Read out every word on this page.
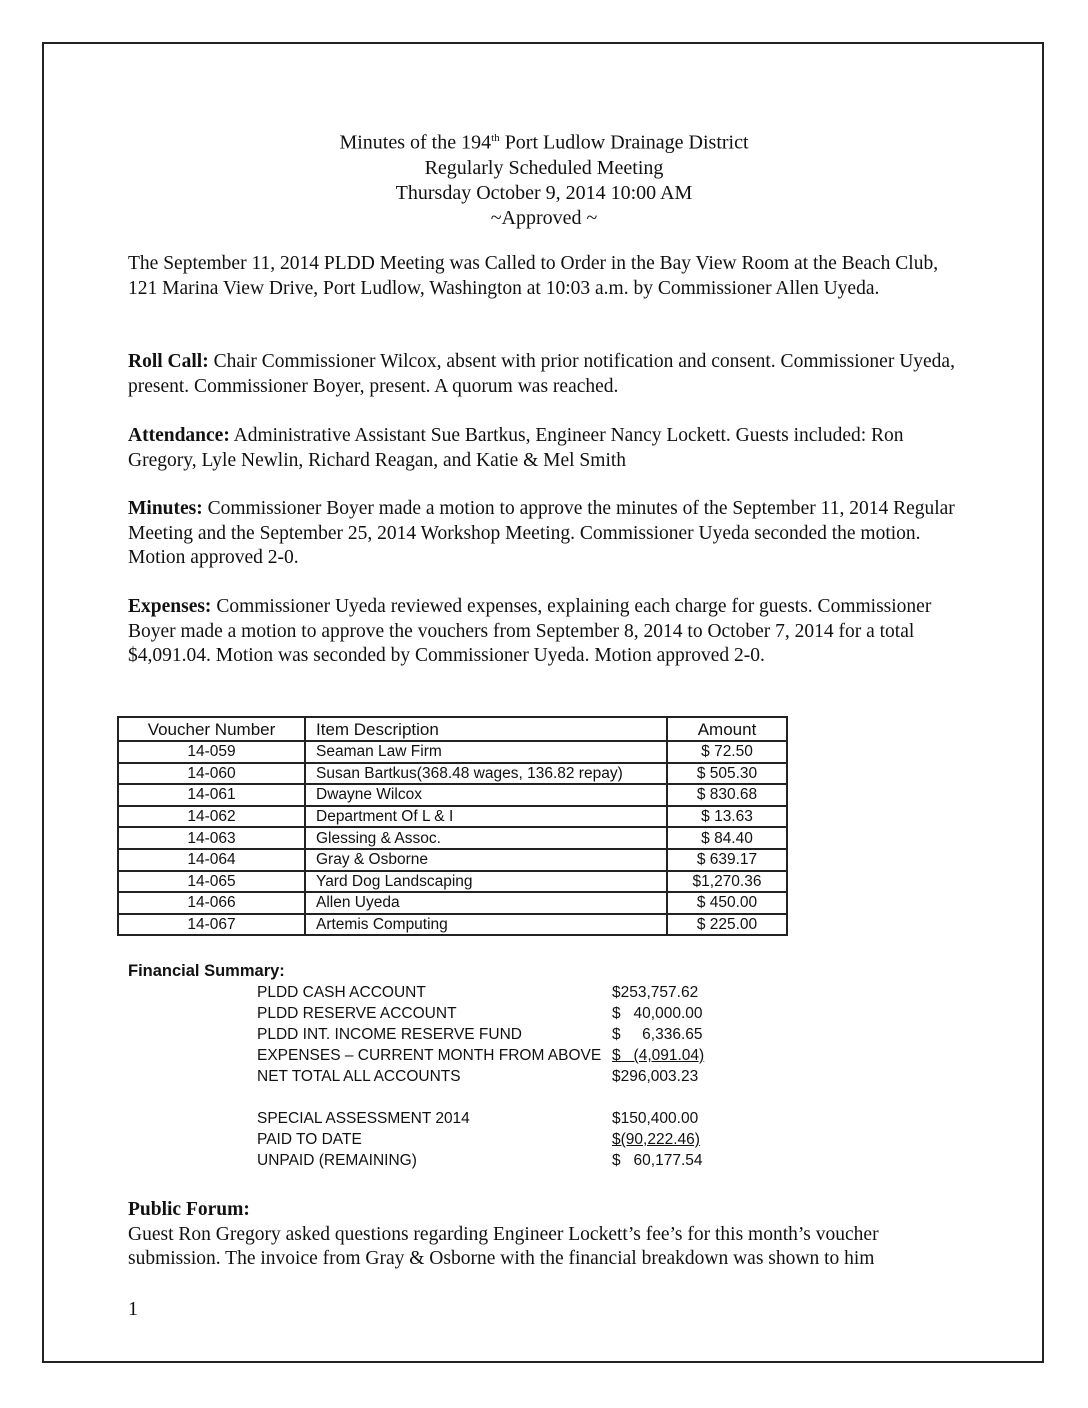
Minutes of the 194th Port Ludlow Drainage District
Regularly Scheduled Meeting
Thursday October 9, 2014 10:00 AM
~Approved ~
The September 11, 2014 PLDD Meeting was Called to Order in the Bay View Room at the Beach Club, 121 Marina View Drive, Port Ludlow, Washington at 10:03 a.m. by Commissioner Allen Uyeda.
Roll Call: Chair Commissioner Wilcox, absent with prior notification and consent. Commissioner Uyeda, present. Commissioner Boyer, present. A quorum was reached.
Attendance: Administrative Assistant Sue Bartkus, Engineer Nancy Lockett. Guests included: Ron Gregory, Lyle Newlin, Richard Reagan, and Katie & Mel Smith
Minutes: Commissioner Boyer made a motion to approve the minutes of the September 11, 2014 Regular Meeting and the September 25, 2014 Workshop Meeting. Commissioner Uyeda seconded the motion. Motion approved 2-0.
Expenses: Commissioner Uyeda reviewed expenses, explaining each charge for guests. Commissioner Boyer made a motion to approve the vouchers from September 8, 2014 to October 7, 2014 for a total $4,091.04. Motion was seconded by Commissioner Uyeda. Motion approved 2-0.
Voucher Number	Item Description	Amount
14-059	Seaman Law Firm	$ 72.50
14-060	Susan Bartkus(368.48 wages, 136.82 repay)	$ 505.30
14-061	Dwayne Wilcox	$ 830.68
14-062	Department Of L & I	$ 13.63
14-063	Glessing & Assoc.	$ 84.40
14-064	Gray & Osborne	$ 639.17
14-065	Yard Dog Landscaping	$1,270.36
14-066	Allen Uyeda	$ 450.00
14-067	Artemis Computing	$ 225.00
Financial Summary:
PLDD CASH ACCOUNT	$253,757.62
PLDD RESERVE ACCOUNT	$   40,000.00
PLDD INT. INCOME RESERVE FUND	$     6,336.65
EXPENSES – CURRENT MONTH FROM ABOVE $   (4,091.04)
NET TOTAL ALL ACCOUNTS	$296,003.23
SPECIAL ASSESSMENT 2014	$150,400.00
PAID TO DATE	$(90,222.46)
UNPAID (REMAINING)	$   60,177.54
Public Forum:
Guest Ron Gregory asked questions regarding Engineer Lockett’s fee’s for this month’s voucher submission. The invoice from Gray & Osborne with the financial breakdown was shown to him
1
